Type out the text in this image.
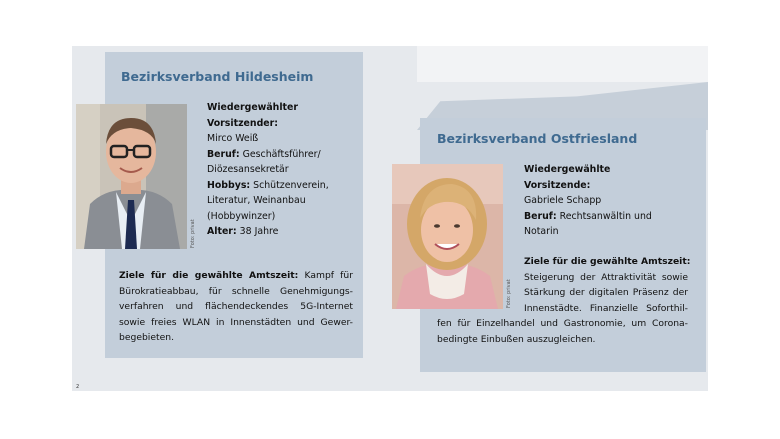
Bezirksverband Hildesheim
Foto: privat
Wiedergewählter
Vorsitzender:
Mirco Weiß
Beruf: Geschäftsführer/
Diözesansekretär
Hobbys: Schützenverein,
Literatur, Weinanbau
(Hobbywinzer)
Alter: 38 Jahre
Ziele für die gewählte Amtszeit: Kampf für
Bürokratieabbau, für schnelle Genehmigungs-
verfahren und flächendeckendes 5G-Internet
sowie freies WLAN in Innenstädten und Gewer-
begebieten.
Bezirksverband Ostfriesland
Foto: privat
Wiedergewählte
Vorsitzende:
Gabriele Schapp
Beruf: Rechtsanwältin und
Notarin
Ziele für die gewählte Amtszeit:
Steigerung der Attraktivität sowie
Stärkung der digitalen Präsenz der
Innenstädte. Finanzielle Soforthil-
fen für Einzelhandel und Gastronomie, um Corona-
bedingte Einbußen auszugleichen.
2
